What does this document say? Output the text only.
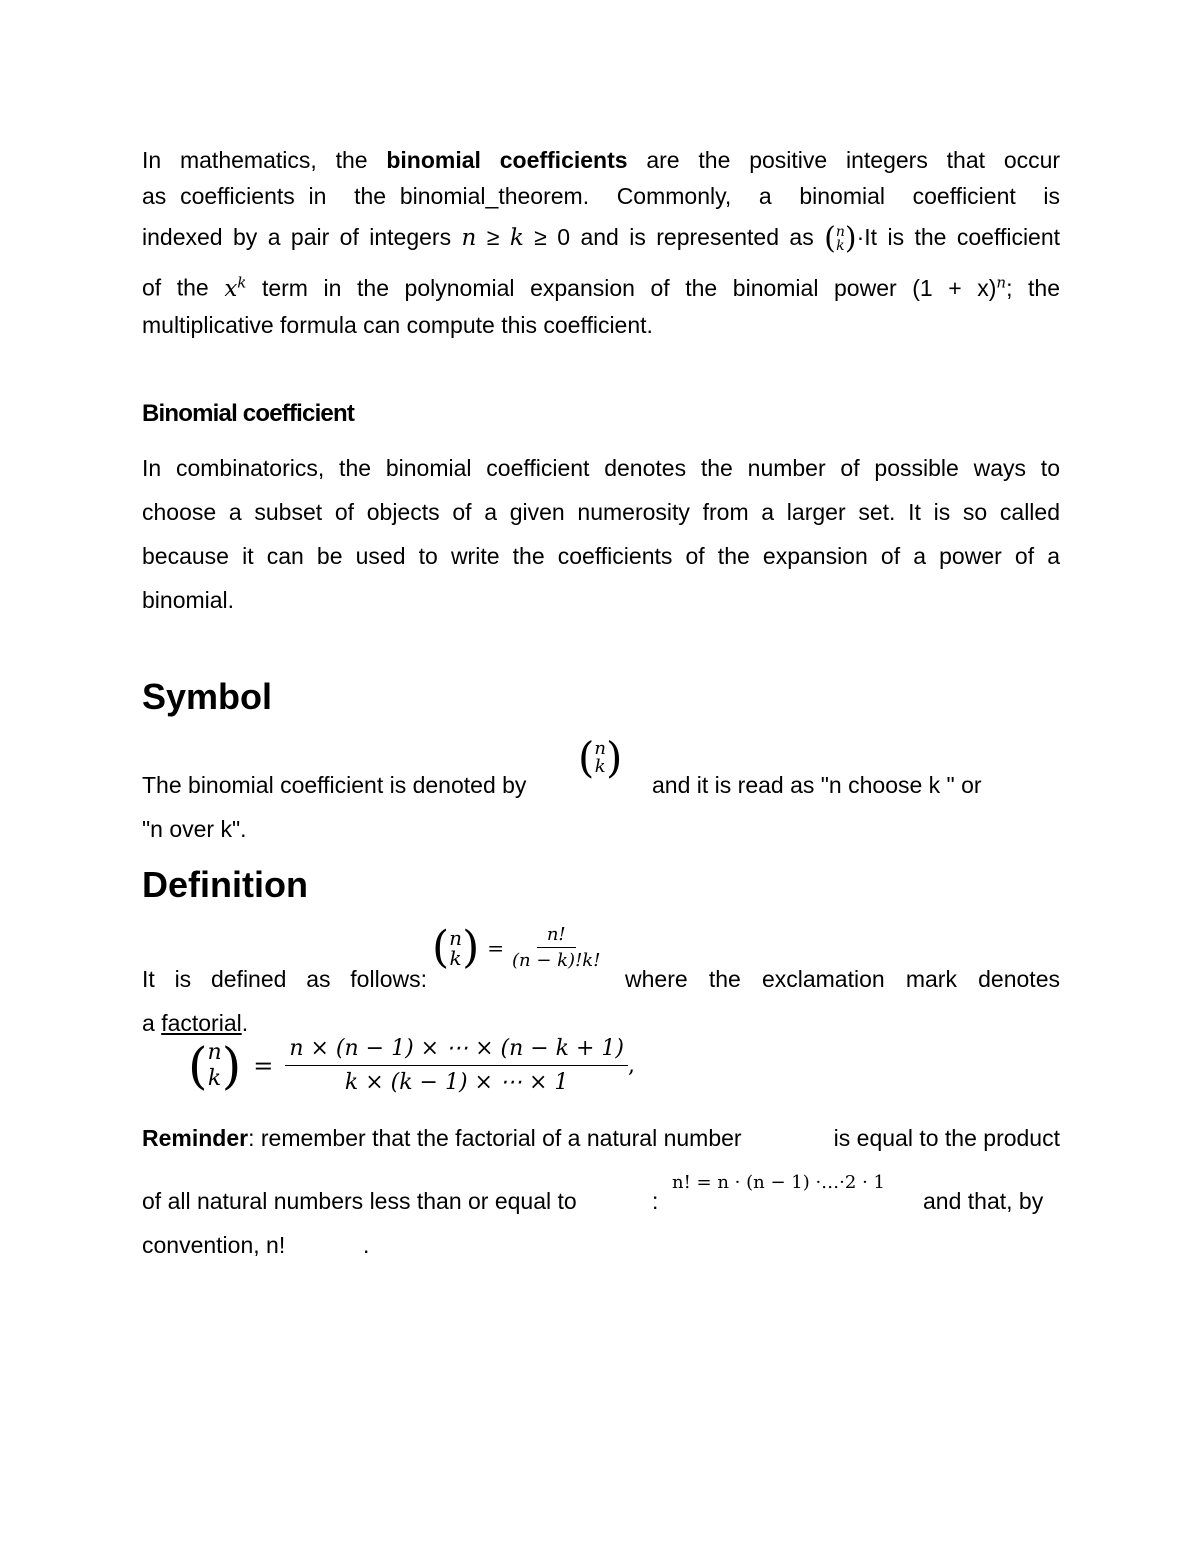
In mathematics, the binomial coefficients are the positive integers that occur
as coefficients in  the binomial_theorem.  Commonly,  a  binomial  coefficient  is
indexed by a pair of integers n ≥ k ≥ 0 and is represented as ( n
k ) ·It is the coefficient
of the $x^k$ term in the polynomial expansion of the binomial power $(1 + x)^n$; the
multiplicative formula can compute this coefficient.
Binomial coefficient
In combinatorics, the binomial coefficient denotes the number of possible ways to
choose a subset of objects of a given numerosity from a larger set. It is so called
because it can be used to write the coefficients of the expansion of a power of a
binomial.
Symbol
The binomial coefficient is denoted by
( n
k )
and it is read as "n choose k " or
"n over k".
Definition
( n
k ) = $\frac{n!}{(n - k)!k!}$
It is defined as follows:	where the exclamation mark denotes
a factorial.
( n
k ) = $\frac{n \times (n - 1) \times \cdots \times (n - k + 1)}{k \times (k - 1) \times \cdots \times 1}$ ,
Reminder: remember that the factorial of a natural number	is equal to the product
of all natural numbers less than or equal to	:
n! = n · (n − 1) ·…·2 · 1
and that, by
convention, n!	.
